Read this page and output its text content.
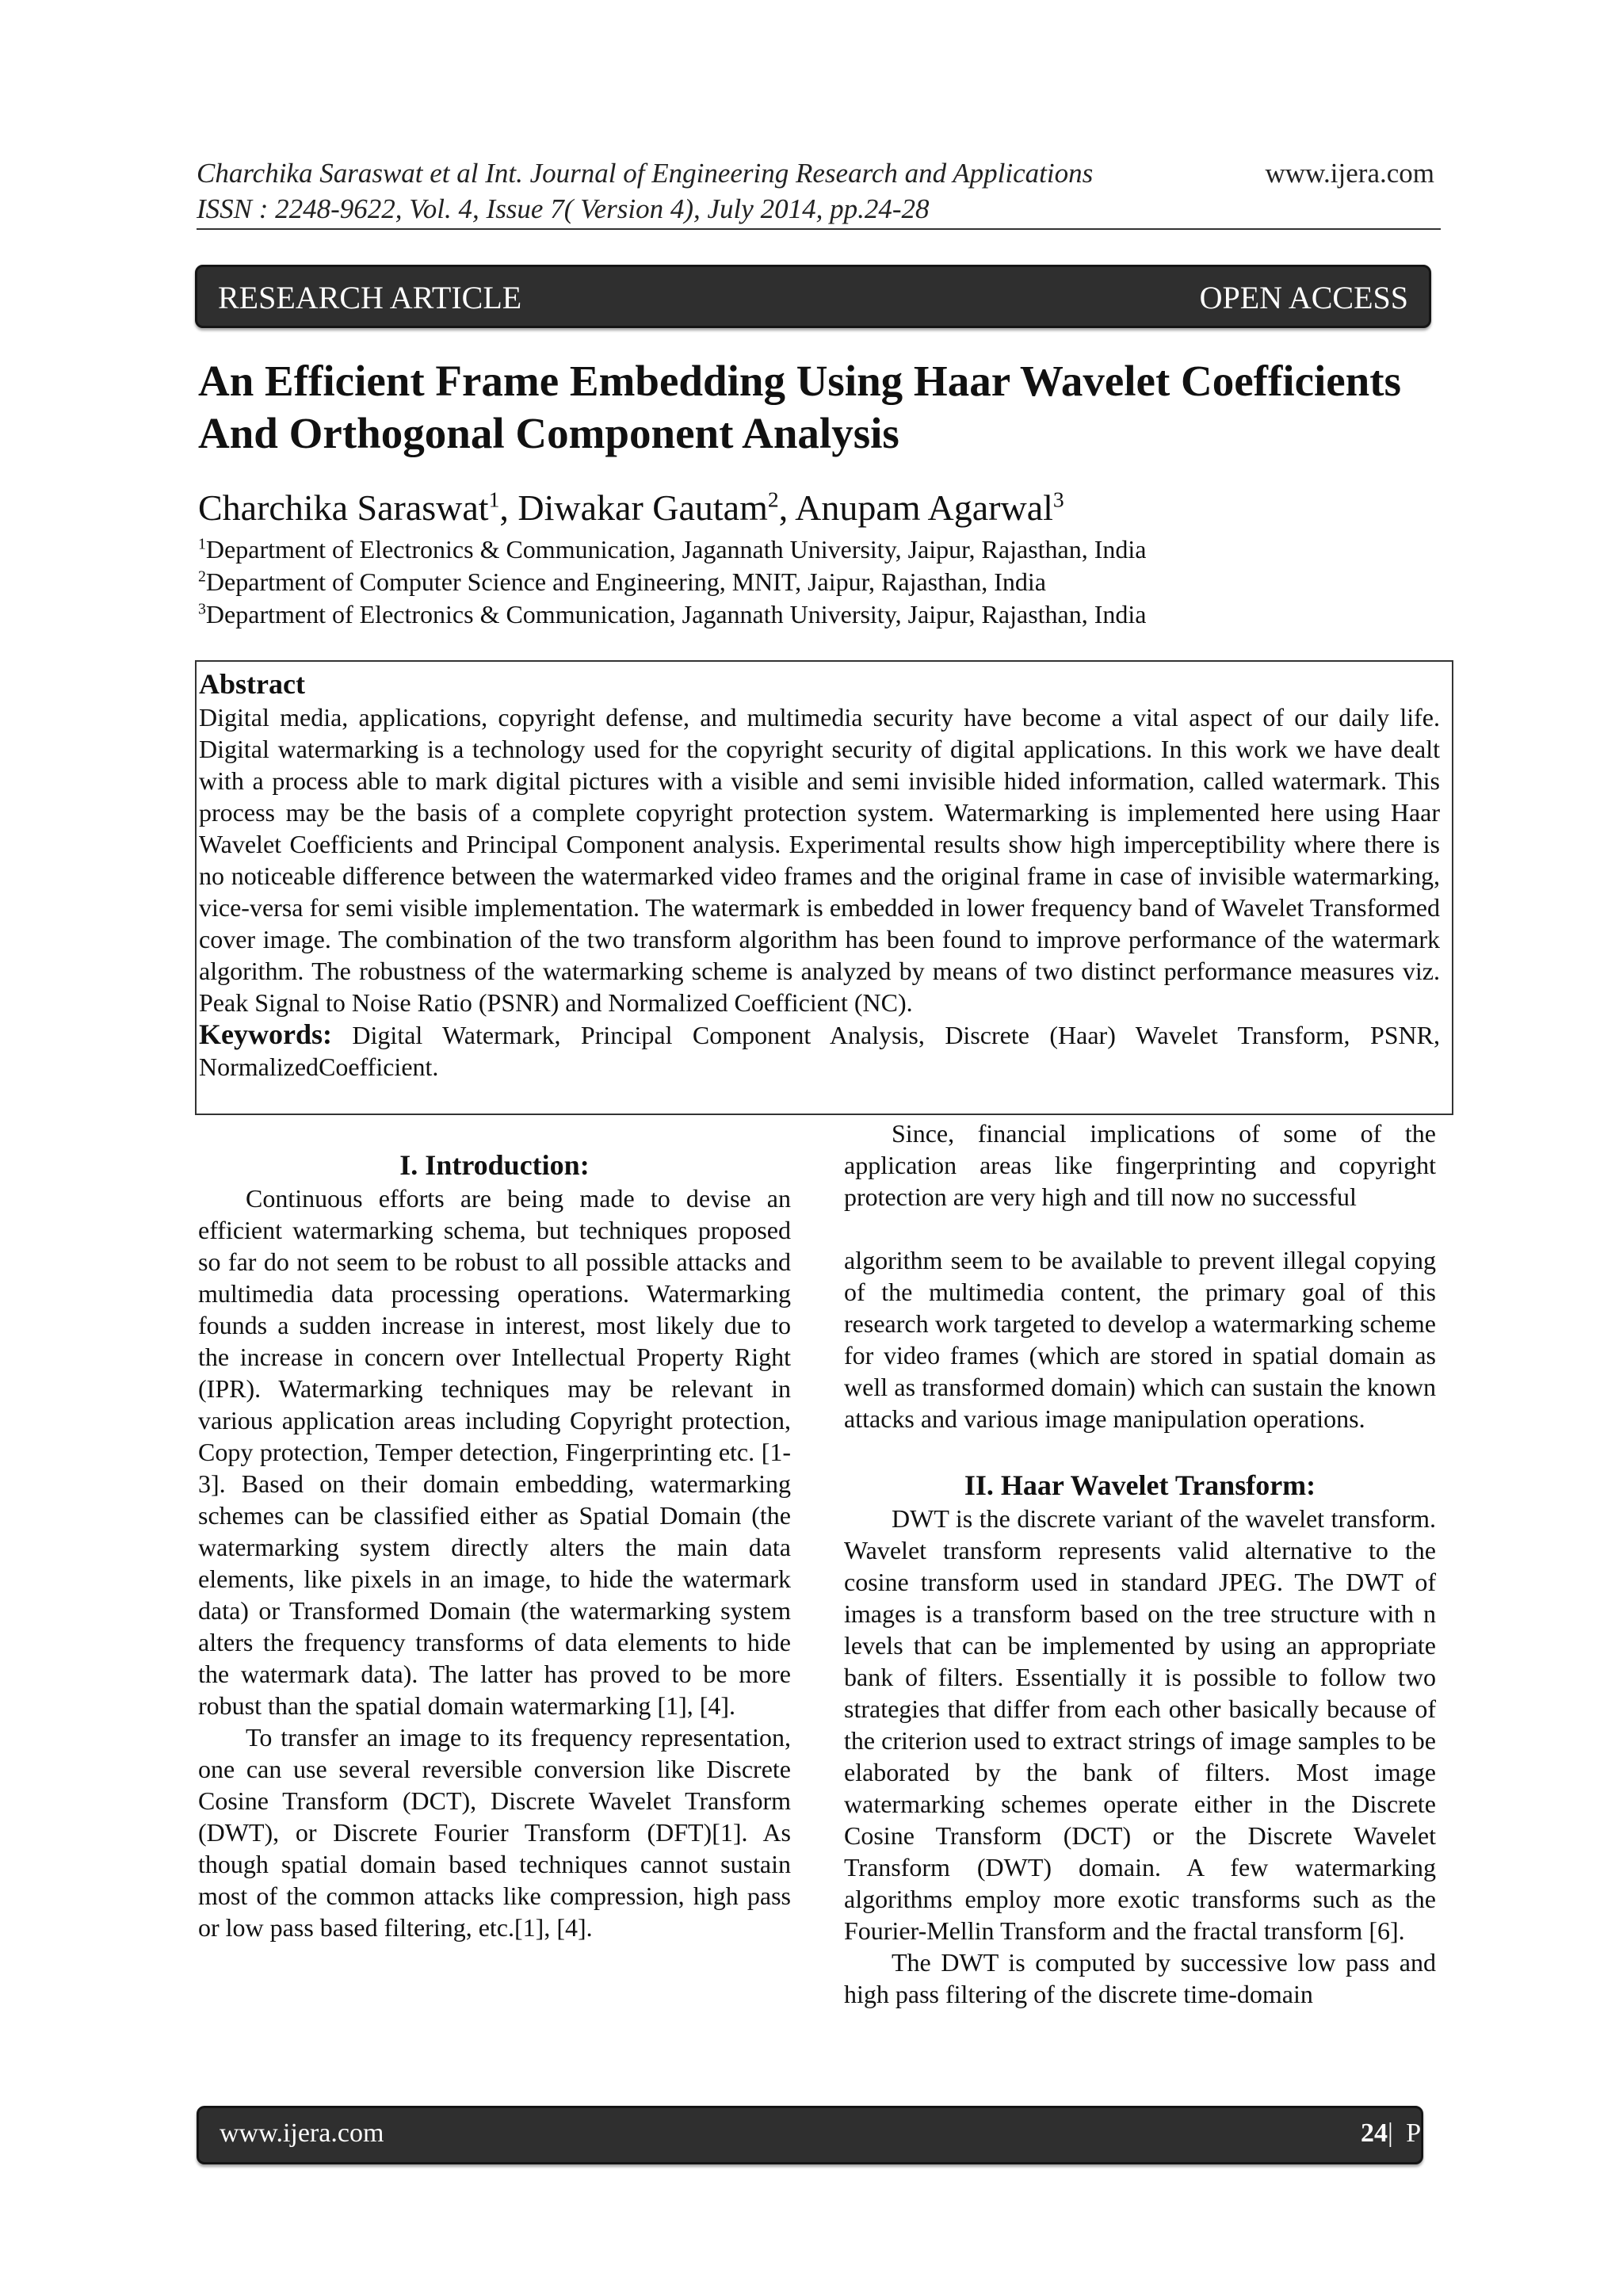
Charchika Saraswat et al Int. Journal of Engineering Research and Applications
ISSN : 2248-9622, Vol. 4, Issue 7( Version 4), July 2014, pp.24-28
www.ijera.com
RESEARCH ARTICLE	OPEN ACCESS
An Efficient Frame Embedding Using Haar Wavelet Coefficients
And Orthogonal Component Analysis
Charchika Saraswat$^1$, Diwakar Gautam$^2$, Anupam Agarwal$^3$
$^1$Department of Electronics & Communication, Jagannath University, Jaipur, Rajasthan, India
$^2$Department of Computer Science and Engineering, MNIT, Jaipur, Rajasthan, India
$^3$Department of Electronics & Communication, Jagannath University, Jaipur, Rajasthan, India
Abstract

Digital media, applications, copyright defense, and multimedia security have become a vital aspect of our daily life. Digital watermarking is a technology used for the copyright security of digital applications. In this work we have dealt with a process able to mark digital pictures with a visible and semi invisible hided information, called watermark. This process may be the basis of a complete copyright protection system. Watermarking is implemented here using Haar Wavelet Coefficients and Principal Component analysis. Experimental results show high imperceptibility where there is no noticeable difference between the watermarked video frames and the original frame in case of invisible watermarking, vice-versa for semi visible implementation. The watermark is embedded in lower frequency band of Wavelet Transformed cover image. The combination of the two transform algorithm has been found to improve performance of the watermark algorithm. The robustness of the watermarking scheme is analyzed by means of two distinct performance measures viz. Peak Signal to Noise Ratio (PSNR) and Normalized Coefficient (NC).

Keywords: Digital Watermark, Principal Component Analysis, Discrete (Haar) Wavelet Transform, PSNR, NormalizedCoefficient.

I. Introduction:

Continuous efforts are being made to devise an efficient watermarking schema, but techniques proposed so far do not seem to be robust to all possible attacks and multimedia data processing operations. Watermarking founds a sudden increase in interest, most likely due to the increase in concern over Intellectual Property Right (IPR). Watermarking techniques may be relevant in various application areas including Copyright protection, Copy protection, Temper detection, Fingerprinting etc. [1-3]. Based on their domain embedding, watermarking schemes can be classified either as Spatial Domain (the watermarking system directly alters the main data elements, like pixels in an image, to hide the watermark data) or Transformed Domain (the watermarking system alters the frequency transforms of data elements to hide the watermark data). The latter has proved to be more robust than the spatial domain watermarking [1], [4].

To transfer an image to its frequency representation, one can use several reversible conversion like Discrete Cosine Transform (DCT), Discrete Wavelet Transform (DWT), or Discrete Fourier Transform (DFT)[1]. As though spatial domain based techniques cannot sustain most of the common attacks like compression, high pass or low pass based filtering, etc.[1], [4].

Since, financial implications of some of the application areas like fingerprinting and copyright protection are very high and till now no successful

algorithm seem to be available to prevent illegal copying of the multimedia content, the primary goal of this research work targeted to develop a watermarking scheme for video frames (which are stored in spatial domain as well as transformed domain) which can sustain the known attacks and various image manipulation operations.

II. Haar Wavelet Transform:

DWT is the discrete variant of the wavelet transform. Wavelet transform represents valid alternative to the cosine transform used in standard JPEG. The DWT of images is a transform based on the tree structure with n levels that can be implemented by using an appropriate bank of filters. Essentially it is possible to follow two strategies that differ from each other basically because of the criterion used to extract strings of image samples to be elaborated by the bank of filters. Most image watermarking schemes operate either in the Discrete Cosine Transform (DCT) or the Discrete Wavelet Transform (DWT) domain. A few watermarking algorithms employ more exotic transforms such as the Fourier-Mellin Transform and the fractal transform [6].

The DWT is computed by successive low pass and high pass filtering of the discrete time-domain

www.ijera.com	24 | P a g e
